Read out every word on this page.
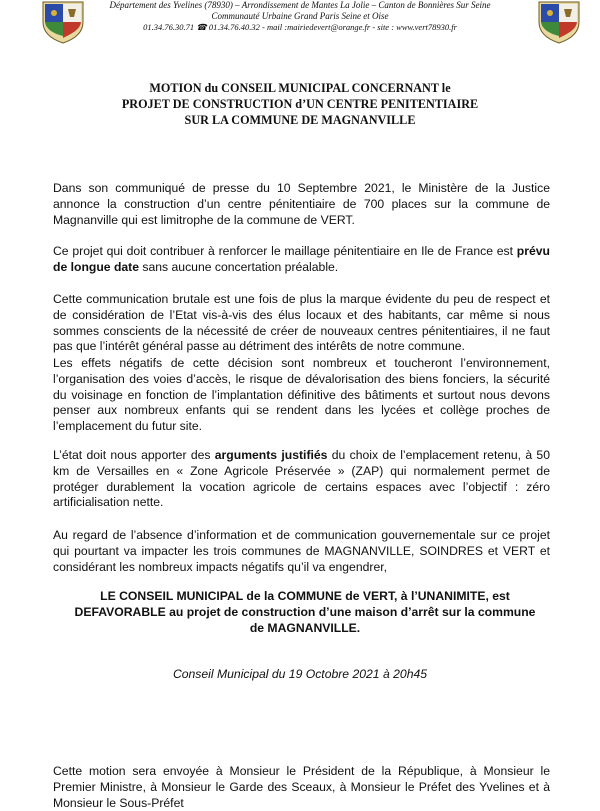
Département des Yvelines (78930) – Arrondissement de Mantes La Jolie – Canton de Bonnières Sur Seine
Communauté Urbaine Grand Paris Seine et Oise
01.34.76.30.71 ☎ 01.34.76.40.32 - mail :mairiedevert@orange.fr - site : www.vert78930.fr
MOTION du CONSEIL MUNICIPAL CONCERNANT le
PROJET DE CONSTRUCTION d’UN CENTRE PENITENTIAIRE
SUR LA COMMUNE DE MAGNANVILLE
Dans son communiqué de presse du 10 Septembre 2021, le Ministère de la Justice annonce la construction d’un centre pénitentiaire de 700 places sur la commune de Magnanville qui est limitrophe de la commune de VERT.
Ce projet qui doit contribuer à renforcer le maillage pénitentiaire en Ile de France est prévu de longue date sans aucune concertation préalable.
Cette communication brutale est une fois de plus la marque évidente du peu de respect et de considération de l’Etat vis-à-vis des élus locaux et des habitants, car même si nous sommes conscients de la nécessité de créer de nouveaux centres pénitentiaires, il ne faut pas que l’intérêt général passe au détriment des intérêts de notre commune.
Les effets négatifs de cette décision sont nombreux et toucheront l’environnement, l’organisation des voies d’accès, le risque de dévalorisation des biens fonciers, la sécurité du voisinage en fonction de l’implantation définitive des bâtiments et surtout nous devons penser aux nombreux enfants qui se rendent dans les lycées et collège proches de l’emplacement du futur site.
L’état doit nous apporter des arguments justifiés du choix de l’emplacement retenu, à 50 km de Versailles en « Zone Agricole Préservée » (ZAP) qui normalement permet de protéger durablement la vocation agricole de certains espaces avec l’objectif : zéro artificialisation nette.
Au regard de l’absence d’information et de communication gouvernementale sur ce projet qui pourtant va impacter les trois communes de MAGNANVILLE, SOINDRES et VERT et considérant les nombreux impacts négatifs qu’il va engendrer,
LE CONSEIL MUNICIPAL de la COMMUNE de VERT, à l’UNANIMITE, est DEFAVORABLE au projet de construction d’une maison d’arrêt sur la commune de MAGNANVILLE.
Conseil Municipal du 19 Octobre 2021 à 20h45
Cette motion sera envoyée à Monsieur le Président de la République, à Monsieur le Premier Ministre, à Monsieur le Garde des Sceaux, à Monsieur le Préfet des Yvelines et à Monsieur le Sous-Préfet
